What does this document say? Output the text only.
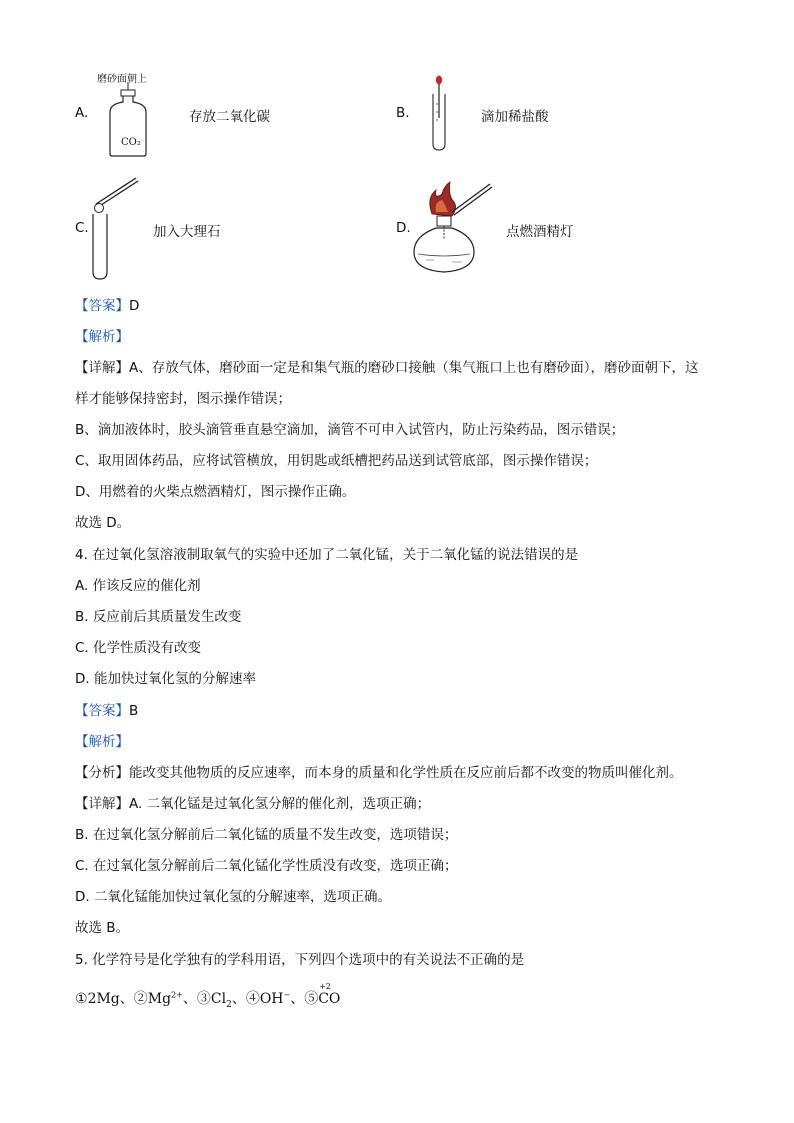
A.
磨砂面朝上
CO₂
存放二氧化碳	B.	滴加稀盐酸
C.	加入大理石	D.	点燃酒精灯
【答案】D
【解析】
【详解】A、存放气体，磨砂面一定是和集气瓶的磨砂口接触（集气瓶口上也有磨砂面），磨砂面朝下，这
样才能够保持密封，图示操作错误；
B、滴加液体时，胶头滴管垂直悬空滴加，滴管不可申入试管内，防止污染药品，图示错误；
C、取用固体药品，应将试管横放，用钥匙或纸槽把药品送到试管底部，图示操作错误；
D、用燃着的火柴点燃酒精灯，图示操作正确。
故选 D。
4. 在过氧化氢溶液制取氧气的实验中还加了二氧化锰，关于二氧化锰的说法错误的是
A. 作该反应的催化剂
B. 反应前后其质量发生改变
C. 化学性质没有改变
D. 能加快过氧化氢的分解速率
【答案】B
【解析】
【分析】能改变其他物质的反应速率，而本身的质量和化学性质在反应前后都不改变的物质叫催化剂。
【详解】A. 二氧化锰是过氧化氢分解的催化剂，选项正确；
B. 在过氧化氢分解前后二氧化锰的质量不发生改变，选项错误；
C. 在过氧化氢分解前后二氧化锰化学性质没有改变，选项正确；
D. 二氧化锰能加快过氧化氢的分解速率，选项正确。
故选 B。
5. 化学符号是化学独有的学科用语，下列四个选项中的有关说法不正确的是
①2Mg、$②Mg^{2+}$、$③Cl_2$、④OH−、⑤
+2
CO
